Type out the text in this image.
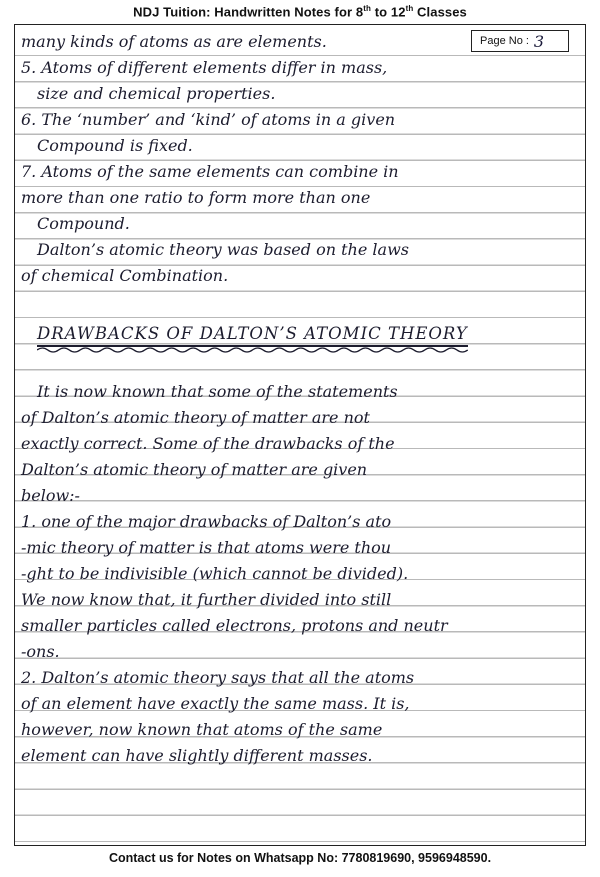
NDJ Tuition: Handwritten Notes for 8th to 12th Classes
Page No : 3
many kinds of atoms as are elements.
5. Atoms of different elements differ in mass,
size and chemical properties.
6. The ‘number’ and ‘kind’ of atoms in a given
Compound is fixed.
7. Atoms of the same elements can combine in
more than one ratio to form more than one
Compound.
Dalton’s atomic theory was based on the laws
of chemical Combination.
DRAWBACKS OF DALTON’S ATOMIC THEORY
It is now known that some of the statements
of Dalton’s atomic theory of matter are not
exactly correct. Some of the drawbacks of the
Dalton’s atomic theory of matter are given
below:-
1. one of the major drawbacks of Dalton’s ato
-mic theory of matter is that atoms were thou
-ght to be indivisible (which cannot be divided).
We now know that, it further divided into still
smaller particles called electrons, protons and neutr
-ons.
2. Dalton’s atomic theory says that all the atoms
of an element have exactly the same mass. It is,
however, now known that atoms of the same
element can have slightly different masses.
Contact us for Notes on Whatsapp No: 7780819690, 9596948590.
